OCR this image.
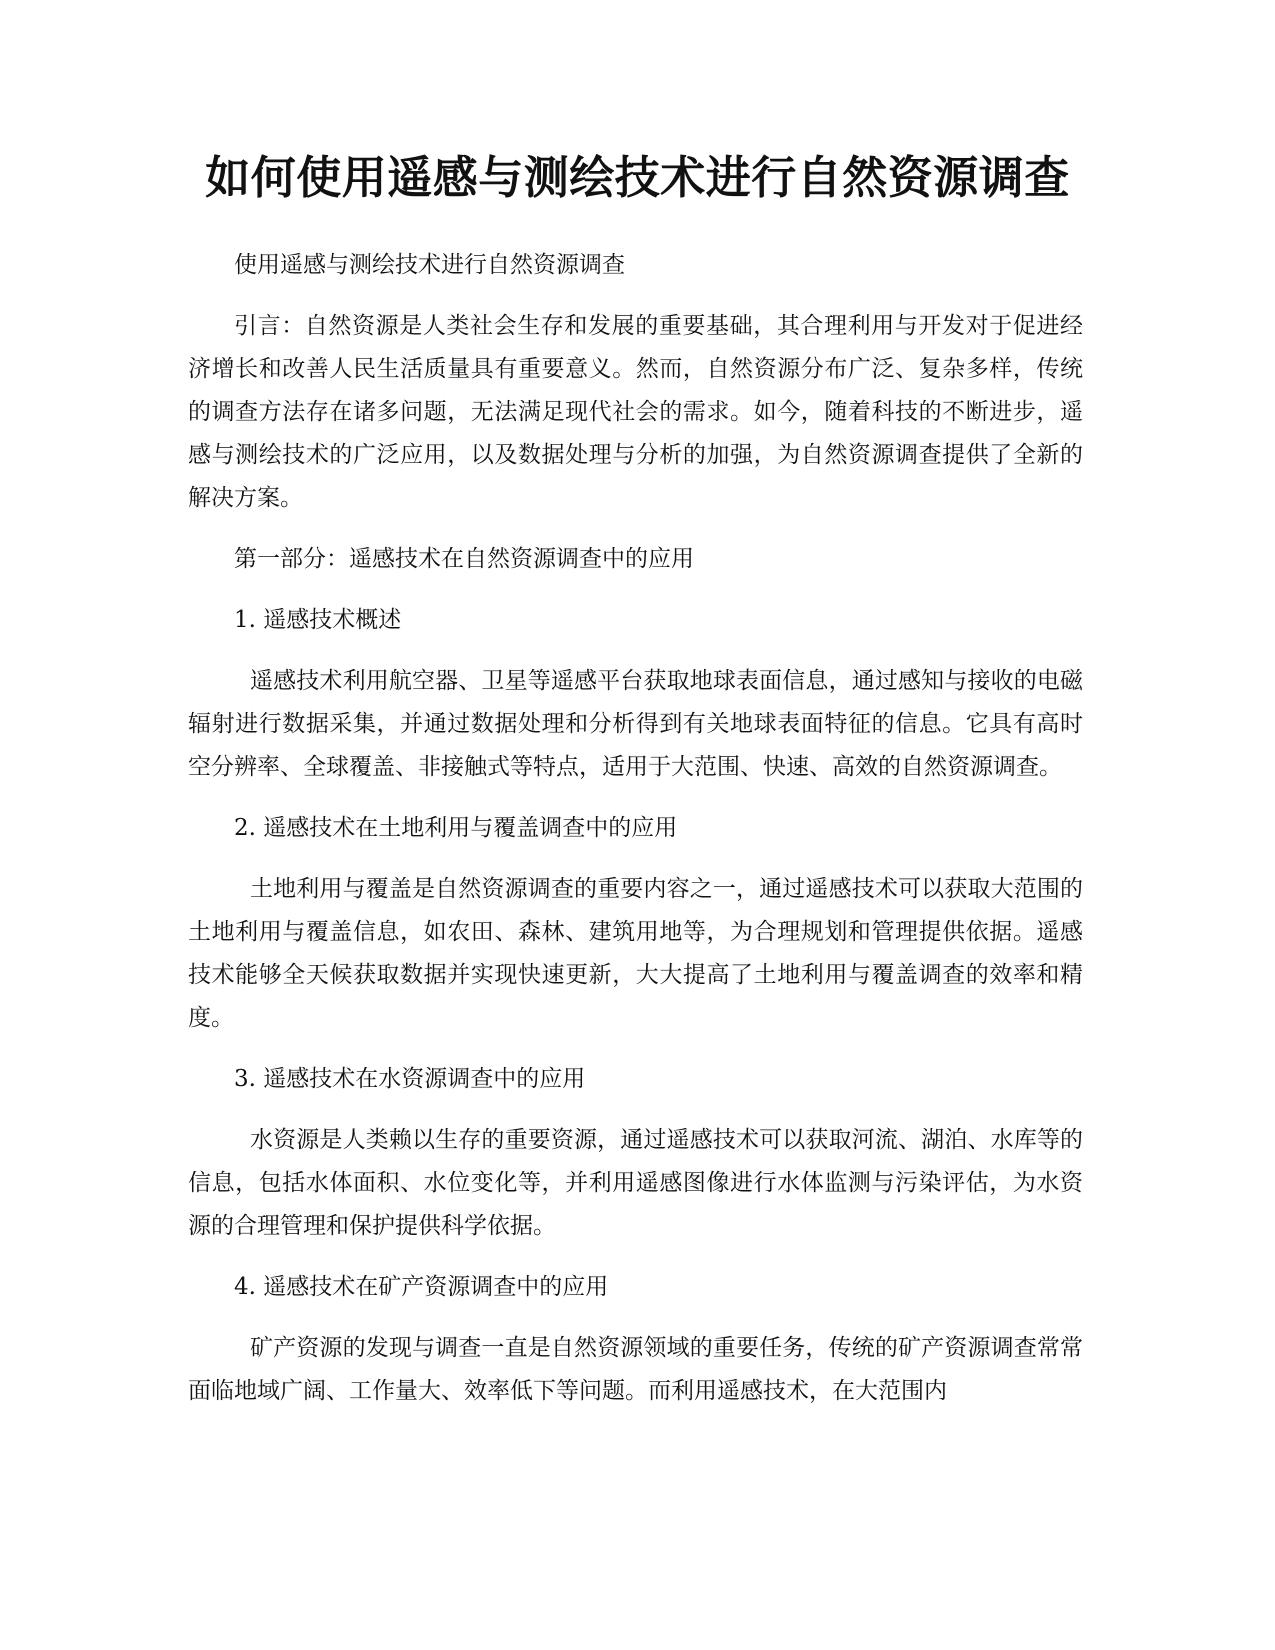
如何使用遥感与测绘技术进行自然资源调查

使用遥感与测绘技术进行自然资源调查

引言：自然资源是人类社会生存和发展的重要基础，其合理利用与开发对于促进经济增长和改善人民生活质量具有重要意义。然而，自然资源分布广泛、复杂多样，传统的调查方法存在诸多问题，无法满足现代社会的需求。如今，随着科技的不断进步，遥感与测绘技术的广泛应用，以及数据处理与分析的加强，为自然资源调查提供了全新的解决方案。

第一部分：遥感技术在自然资源调查中的应用

1. 遥感技术概述

遥感技术利用航空器、卫星等遥感平台获取地球表面信息，通过感知与接收的电磁辐射进行数据采集，并通过数据处理和分析得到有关地球表面特征的信息。它具有高时空分辨率、全球覆盖、非接触式等特点，适用于大范围、快速、高效的自然资源调查。

2. 遥感技术在土地利用与覆盖调查中的应用

土地利用与覆盖是自然资源调查的重要内容之一，通过遥感技术可以获取大范围的土地利用与覆盖信息，如农田、森林、建筑用地等，为合理规划和管理提供依据。遥感技术能够全天候获取数据并实现快速更新，大大提高了土地利用与覆盖调查的效率和精度。

3. 遥感技术在水资源调查中的应用

水资源是人类赖以生存的重要资源，通过遥感技术可以获取河流、湖泊、水库等的信息，包括水体面积、水位变化等，并利用遥感图像进行水体监测与污染评估，为水资源的合理管理和保护提供科学依据。

4. 遥感技术在矿产资源调查中的应用

矿产资源的发现与调查一直是自然资源领域的重要任务，传统的矿产资源调查常常面临地域广阔、工作量大、效率低下等问题。而利用遥感技术，在大范围内
